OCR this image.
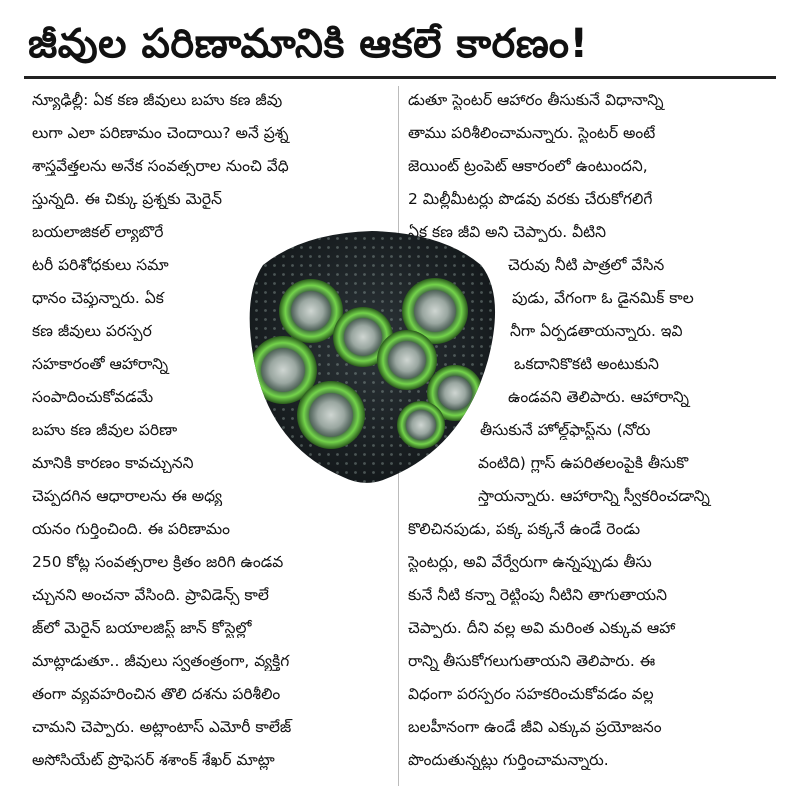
జీవుల పరిణామానికి ఆకలే కారణం!
న్యూఢిల్లీ: ఏక కణ జీవులు బహు కణ జీవు
లుగా ఎలా పరిణామం చెందాయి? అనే ప్రశ్న
శాస్త్రవేత్తలను అనేక సంవత్సరాల నుంచి వేధి
స్తున్నది. ఈ చిక్కు ప్రశ్నకు మెరైన్
బయలాజికల్ ల్యాబొరే
టరీ పరిశోధకులు సమా
ధానం చెప్తున్నారు. ఏక
కణ జీవులు పరస్పర
సహకారంతో ఆహారాన్ని
సంపాదించుకోవడమే
బహు కణ జీవుల పరిణా
మానికి కారణం కావచ్చునని
చెప్పదగిన ఆధారాలను ఈ అధ్య
యనం గుర్తించింది. ఈ పరిణామం
250 కోట్ల సంవత్సరాల క్రితం జరిగి ఉండవ
చ్చునని అంచనా వేసింది. ప్రావిడెన్స్ కాలే
జ్‌లో మెరైన్ బయాలజిస్ట్ జాన్ కోస్టెల్లో
మాట్లాడుతూ.. జీవులు స్వతంత్రంగా, వ్యక్తిగ
తంగా వ్యవహరించిన తొలి దశను పరిశీలిం
చామని చెప్పారు. అట్లాంటాస్ ఎమోరీ కాలేజ్
అసోసియేట్ ప్రొఫెసర్ శశాంక్ శేఖర్ మాట్లా
డుతూ స్టెంటర్ ఆహారం తీసుకునే విధానాన్ని
తాము పరిశీలించామన్నారు. స్టెంటర్ అంటే
జెయింట్ ట్రంపెట్ ఆకారంలో ఉంటుందని,
2 మిల్లీమీటర్లు పొడవు వరకు చేరుకోగలిగే
ఏక కణ జీవి అని చెప్పారు. వీటిని
చెరువు నీటి పాత్రలో వేసిన
పుడు, వేగంగా ఓ డైనమిక్ కాల
నీగా ఏర్పడతాయన్నారు. ఇవి
ఒకదానికొకటి అంటుకుని
ఉండవని తెలిపారు. ఆహారాన్ని
తీసుకునే హోల్డ్‌ఫాస్ట్‌ను (నోరు
వంటిది) గ్లాస్ ఉపరితలంపైకి తీసుకొ
స్తాయన్నారు. ఆహారాన్ని స్వీకరించడాన్ని
కొలిచినపుడు, పక్క పక్కనే ఉండే రెండు
స్టెంటర్లు, అవి వేర్వేరుగా ఉన్నప్పుడు తీసు
కునే నీటి కన్నా రెట్టింపు నీటిని తాగుతాయని
చెప్పారు. దీని వల్ల అవి మరింత ఎక్కువ ఆహా
రాన్ని తీసుకోగలుగుతాయని తెలిపారు. ఈ
విధంగా పరస్పరం సహకరించుకోవడం వల్ల
బలహీనంగా ఉండే జీవి ఎక్కువ ప్రయోజనం
పొందుతున్నట్లు గుర్తించామన్నారు.
